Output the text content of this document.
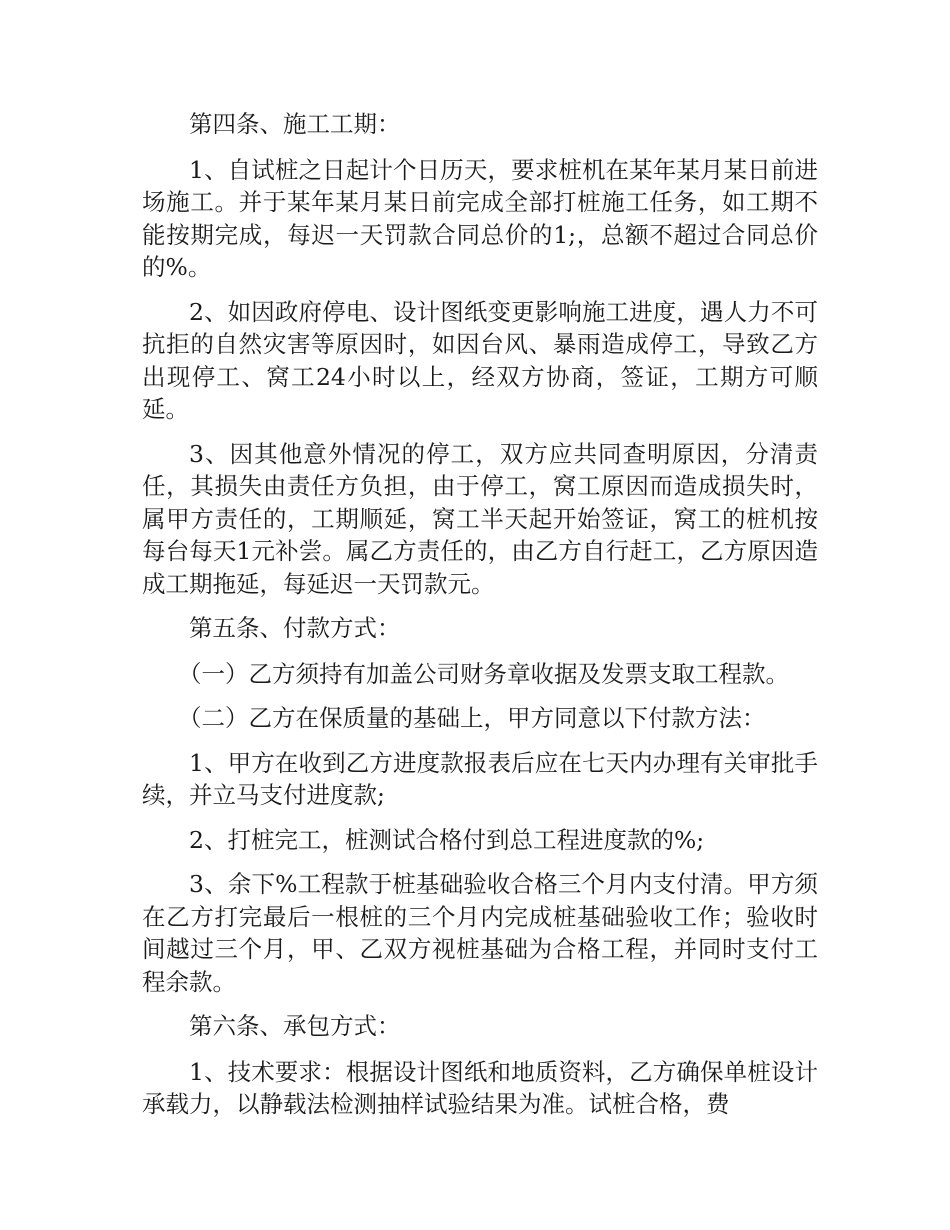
第四条、施工工期：

1、自试桩之日起计个日历天，要求桩机在某年某月某日前进场施工。并于某年某月某日前完成全部打桩施工任务，如工期不能按期完成，每迟一天罚款合同总价的1;，总额不超过合同总价的%。

2、如因政府停电、设计图纸变更影响施工进度，遇人力不可抗拒的自然灾害等原因时，如因台风、暴雨造成停工，导致乙方出现停工、窝工24小时以上，经双方协商，签证，工期方可顺延。

3、因其他意外情况的停工，双方应共同查明原因，分清责任，其损失由责任方负担，由于停工，窝工原因而造成损失时，属甲方责任的，工期顺延，窝工半天起开始签证，窝工的桩机按每台每天1元补尝。属乙方责任的，由乙方自行赶工，乙方原因造成工期拖延，每延迟一天罚款元。

第五条、付款方式：

（一）乙方须持有加盖公司财务章收据及发票支取工程款。

（二）乙方在保质量的基础上，甲方同意以下付款方法：

1、甲方在收到乙方进度款报表后应在七天内办理有关审批手续，并立马支付进度款;

2、打桩完工，桩测试合格付到总工程进度款的%;

3、余下%工程款于桩基础验收合格三个月内支付清。甲方须在乙方打完最后一根桩的三个月内完成桩基础验收工作；验收时间越过三个月，甲、乙双方视桩基础为合格工程，并同时支付工程余款。

第六条、承包方式：

1、技术要求：根据设计图纸和地质资料，乙方确保单桩设计承载力，以静载法检测抽样试验结果为准。试桩合格，费
